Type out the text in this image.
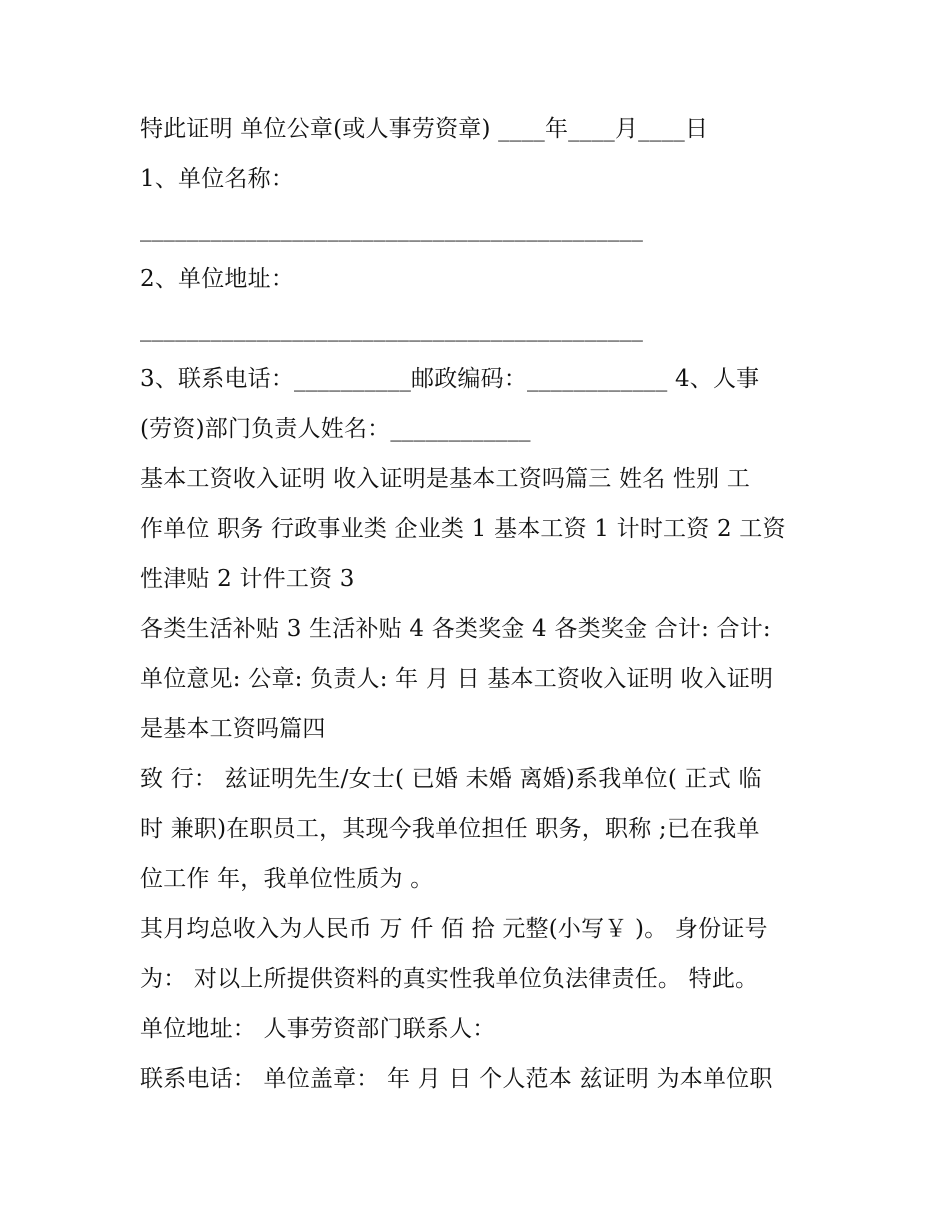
特此证明 单位公章(或人事劳资章) ____年____月____日
1、单位名称：
___________________________________________
2、单位地址：
___________________________________________
3、联系电话：__________邮政编码：____________ 4、人事
(劳资)部门负责人姓名：____________
基本工资收入证明 收入证明是基本工资吗篇三 姓名 性别 工
作单位 职务 行政事业类 企业类 1 基本工资 1 计时工资 2 工资
性津贴 2 计件工资 3
各类生活补贴 3 生活补贴 4 各类奖金 4 各类奖金 合计: 合计:
单位意见: 公章: 负责人: 年 月 日 基本工资收入证明 收入证明
是基本工资吗篇四
致 行： 兹证明先生/女士( 已婚 未婚 离婚)系我单位( 正式 临
时 兼职)在职员工，其现今我单位担任 职务，职称 ;已在我单
位工作 年，我单位性质为 。
其月均总收入为人民币 万 仟 佰 拾 元整(小写￥ )。 身份证号
为： 对以上所提供资料的真实性我单位负法律责任。 特此。
单位地址： 人事劳资部门联系人：
联系电话： 单位盖章： 年 月 日 个人范本 兹证明 为本单位职
